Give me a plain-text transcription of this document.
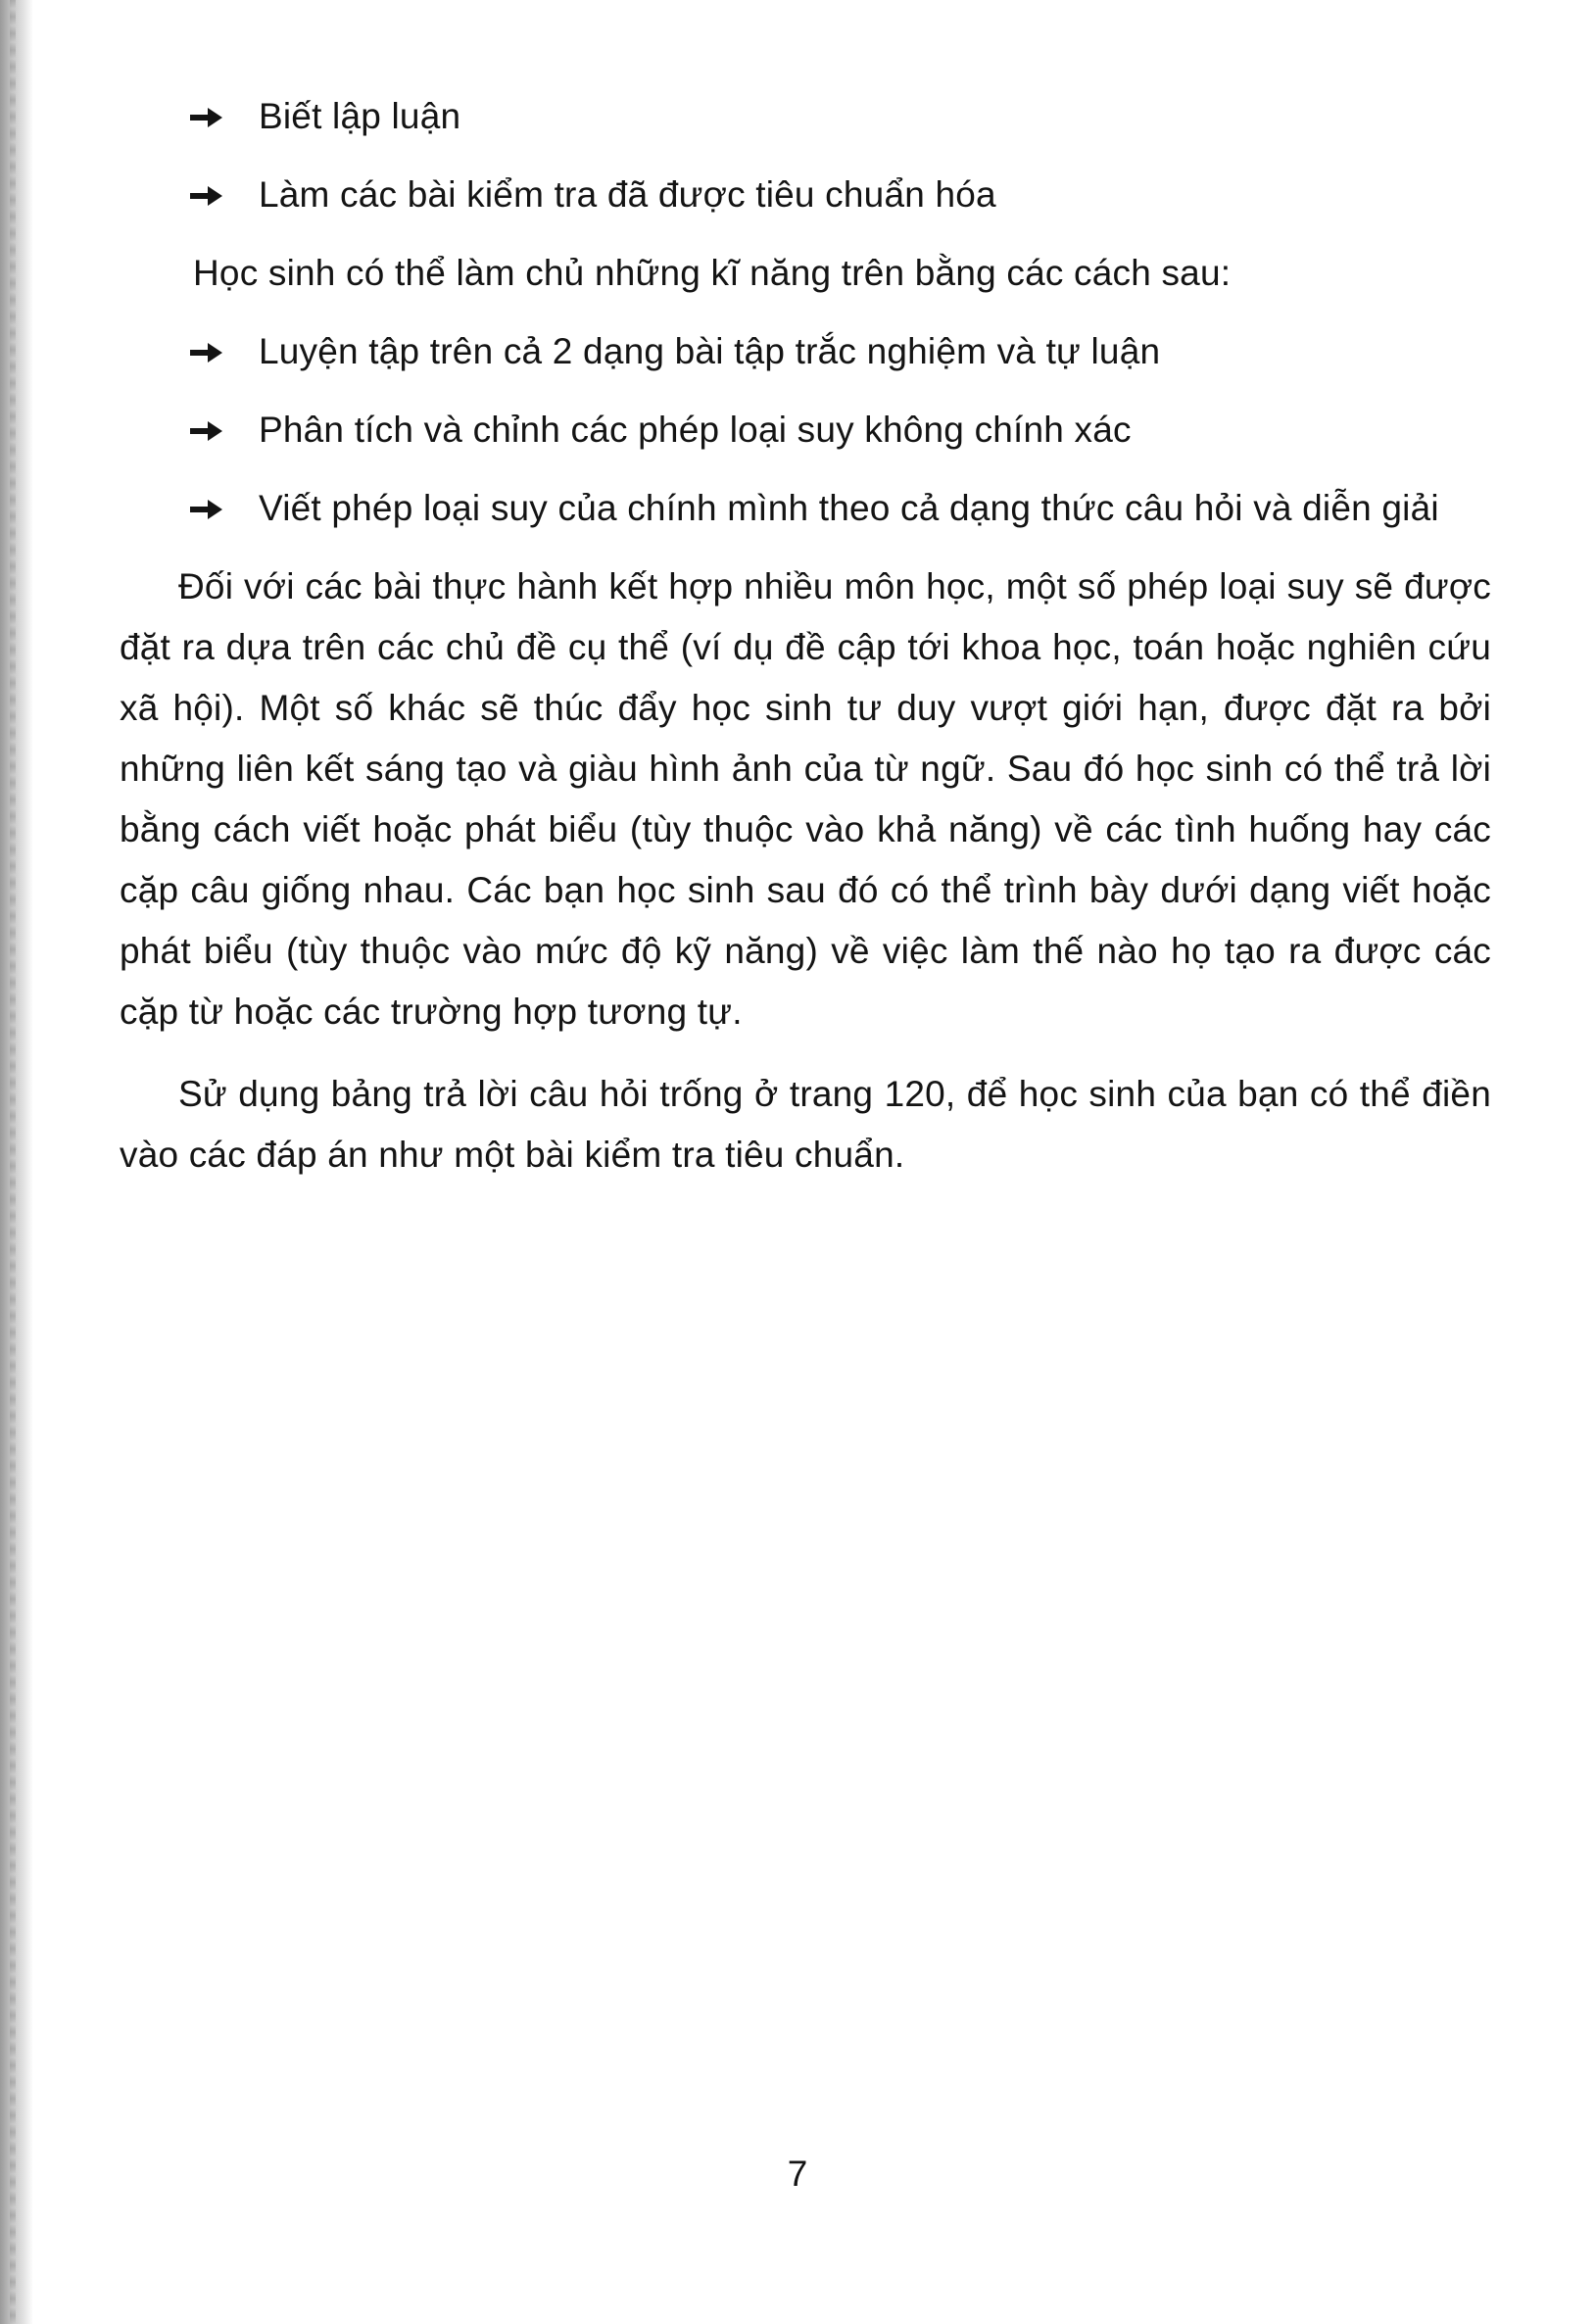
Biết lập luận
Làm các bài kiểm tra đã được tiêu chuẩn hóa
Học sinh có thể làm chủ những kĩ năng trên bằng các cách sau:
Luyện tập trên cả 2 dạng bài tập trắc nghiệm và tự luận
Phân tích và chỉnh các phép loại suy không chính xác
Viết phép loại suy của chính mình theo cả dạng thức câu hỏi và diễn giải

Đối với các bài thực hành kết hợp nhiều môn học, một số phép loại suy sẽ được đặt ra dựa trên các chủ đề cụ thể (ví dụ đề cập tới khoa học, toán hoặc nghiên cứu xã hội). Một số khác sẽ thúc đẩy học sinh tư duy vượt giới hạn, được đặt ra bởi những liên kết sáng tạo và giàu hình ảnh của từ ngữ. Sau đó học sinh có thể trả lời bằng cách viết hoặc phát biểu (tùy thuộc vào khả năng) về các tình huống hay các cặp câu giống nhau. Các bạn học sinh sau đó có thể trình bày dưới dạng viết hoặc phát biểu (tùy thuộc vào mức độ kỹ năng) về việc làm thế nào họ tạo ra được các cặp từ hoặc các trường hợp tương tự.

Sử dụng bảng trả lời câu hỏi trống ở trang 120, để học sinh của bạn có thể điền vào các đáp án như một bài kiểm tra tiêu chuẩn.

7
